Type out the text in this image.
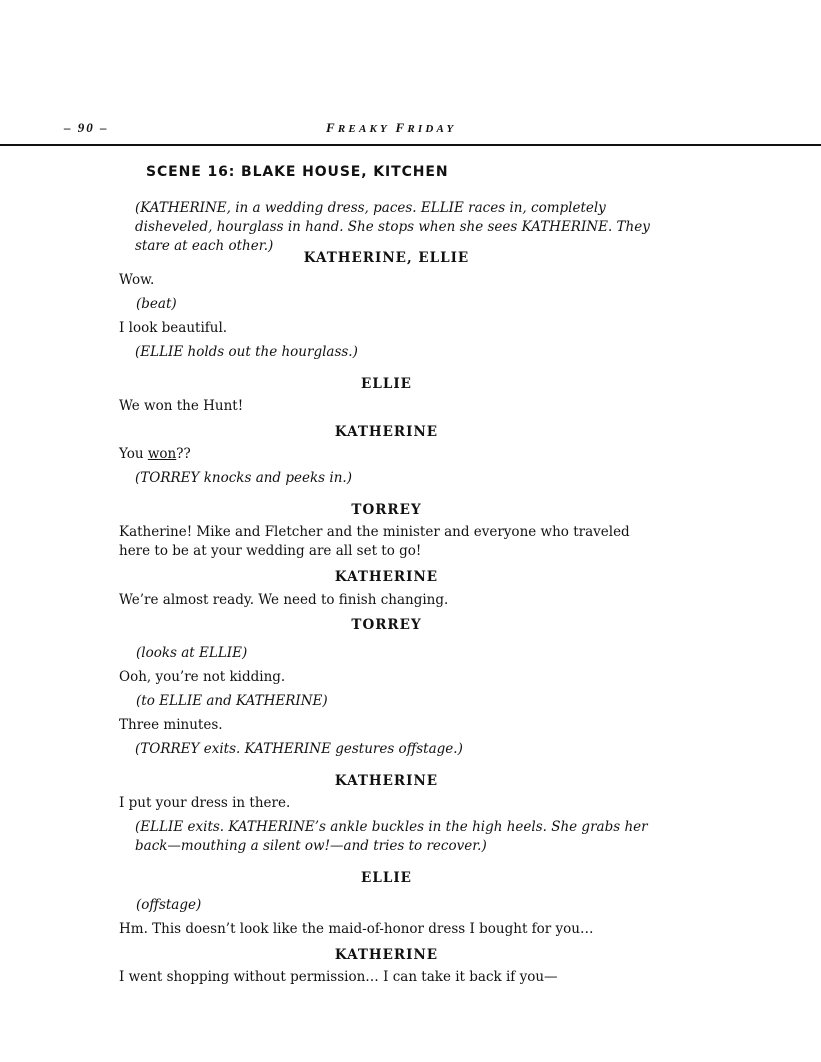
– 90 –	FREAKY FRIDAY
SCENE 16: BLAKE HOUSE, KITCHEN

(KATHERINE, in a wedding dress, paces. ELLIE races in, completely disheveled, hourglass in hand. She stops when she sees KATHERINE. They stare at each other.)

KATHERINE, ELLIE

Wow.

(beat)

I look beautiful.

(ELLIE holds out the hourglass.)

ELLIE

We won the Hunt!

KATHERINE

You won??

(TORREY knocks and peeks in.)

TORREY

Katherine! Mike and Fletcher and the minister and everyone who traveled here to be at your wedding are all set to go!

KATHERINE

We’re almost ready. We need to finish changing.

TORREY

(looks at ELLIE)

Ooh, you’re not kidding.

(to ELLIE and KATHERINE)

Three minutes.

(TORREY exits. KATHERINE gestures offstage.)

KATHERINE

I put your dress in there.

(ELLIE exits. KATHERINE’s ankle buckles in the high heels. She grabs her back—mouthing a silent ow!—and tries to recover.)

ELLIE

(offstage)

Hm. This doesn’t look like the maid-of-honor dress I bought for you…

KATHERINE

I went shopping without permission… I can take it back if you—
